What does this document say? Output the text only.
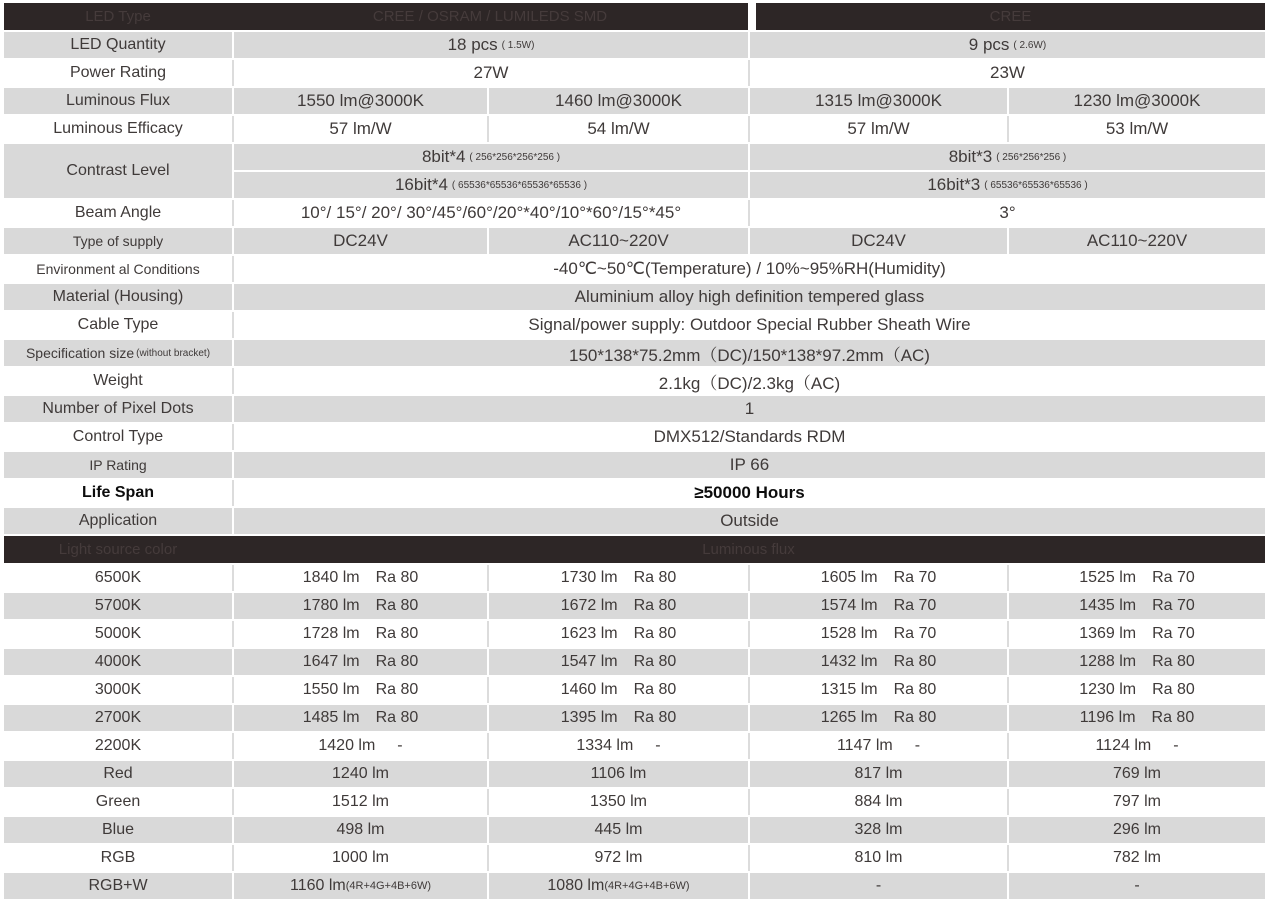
LED Type	CREE / OSRAM / LUMILEDS SMD	CREE
LED Quantity	18 pcs ( 1.5W)	9 pcs ( 2.6W)
Power Rating	27W	23W
Luminous Flux	1550 lm@3000K	1460 lm@3000K	1315 lm@3000K	1230 lm@3000K
Luminous Efficacy	57 lm/W	54 lm/W	57 lm/W	53 lm/W
Contrast Level
8bit*4 ( 256*256*256*256 )	8bit*3 ( 256*256*256 )
16bit*4 ( 65536*65536*65536*65536 )	16bit*3 ( 65536*65536*65536 )
Beam Angle	10°/ 15°/ 20°/ 30°/45°/60°/20°*40°/10°*60°/15°*45°	3°
Type of supply	DC24V	AC110~220V	DC24V	AC110~220V
Environment al Conditions	-40℃~50℃(Temperature) / 10%~95%RH(Humidity)
Material (Housing)	Aluminium alloy high definition tempered glass
Cable Type	Signal/power supply: Outdoor Special Rubber Sheath Wire
Specification size (without bracket)	150*138*75.2mm（DC)/150*138*97.2mm（AC)
Weight	2.1kg（DC)/2.3kg（AC)
Number of Pixel Dots	1
Control Type	DMX512/Standards RDM
IP Rating	IP 66
Life Span	≥50000 Hours
Application	Outside
Light source color	Luminous flux
6500K	1840 lm Ra 80	1730 lm Ra 80	1605 lm Ra 70	1525 lm Ra 70
5700K	1780 lm Ra 80	1672 lm Ra 80	1574 lm Ra 70	1435 lm Ra 70
5000K	1728 lm Ra 80	1623 lm Ra 80	1528 lm Ra 70	1369 lm Ra 70
4000K	1647 lm Ra 80	1547 lm Ra 80	1432 lm Ra 80	1288 lm Ra 80
3000K	1550 lm Ra 80	1460 lm Ra 80	1315 lm Ra 80	1230 lm Ra 80
2700K	1485 lm Ra 80	1395 lm Ra 80	1265 lm Ra 80	1196 lm Ra 80
2200K	1420 lm -	1334 lm -	1147 lm -	1124 lm -
Red	1240 lm	1106 lm	817 lm	769 lm
Green	1512 lm	1350 lm	884 lm	797 lm
Blue	498 lm	445 lm	328 lm	296 lm
RGB	1000 lm	972 lm	810 lm	782 lm
RGB+W	1160 lm (4R+4G+4B+6W)	1080 lm (4R+4G+4B+6W)	-	-
